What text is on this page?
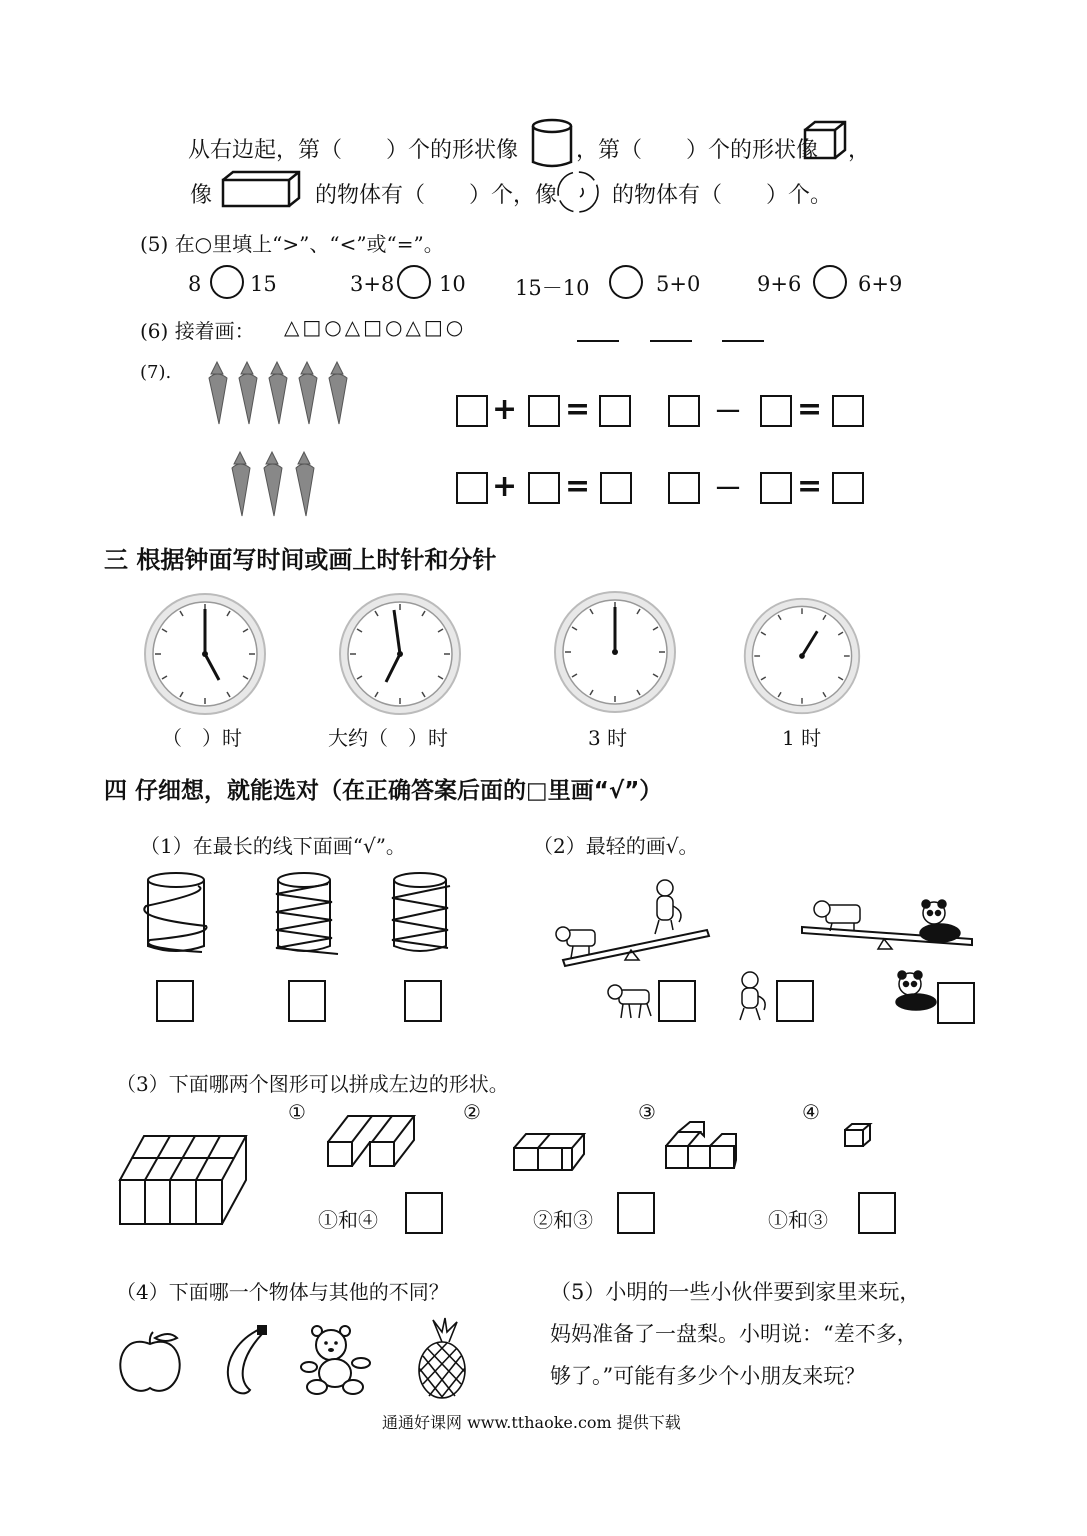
从右边起，第（　　）个的形状像	，第（　　）个的形状像 ，
像	的物体有（　　）个，像 的物体有（　　）个。
(5) 在○里填上“>”、“<”或“=”。
8 15	3+8 10 15－10	5+0	9+6	6+9
(6) 接着画： △□○△□○△□○
(7).
+ =	－ =
+ =	－ =
三 根据钟面写时间或画上时针和分针
（　）时	大约（　）时	3 时	1 时
四 仔细想，就能选对（在正确答案后面的□里画“√”）
（1）在最长的线下面画“√”。	（2）最轻的画√。
（3）下面哪两个图形可以拼成左边的形状。
①	②	③	④
①和④	②和③	①和③
（4）下面哪一个物体与其他的不同？	（5）小明的一些小伙伴要到家里来玩，
妈妈准备了一盘梨。小明说：“差不多，
够了。”可能有多少个小朋友来玩？
通通好课网 www.tthaoke.com 提供下载
